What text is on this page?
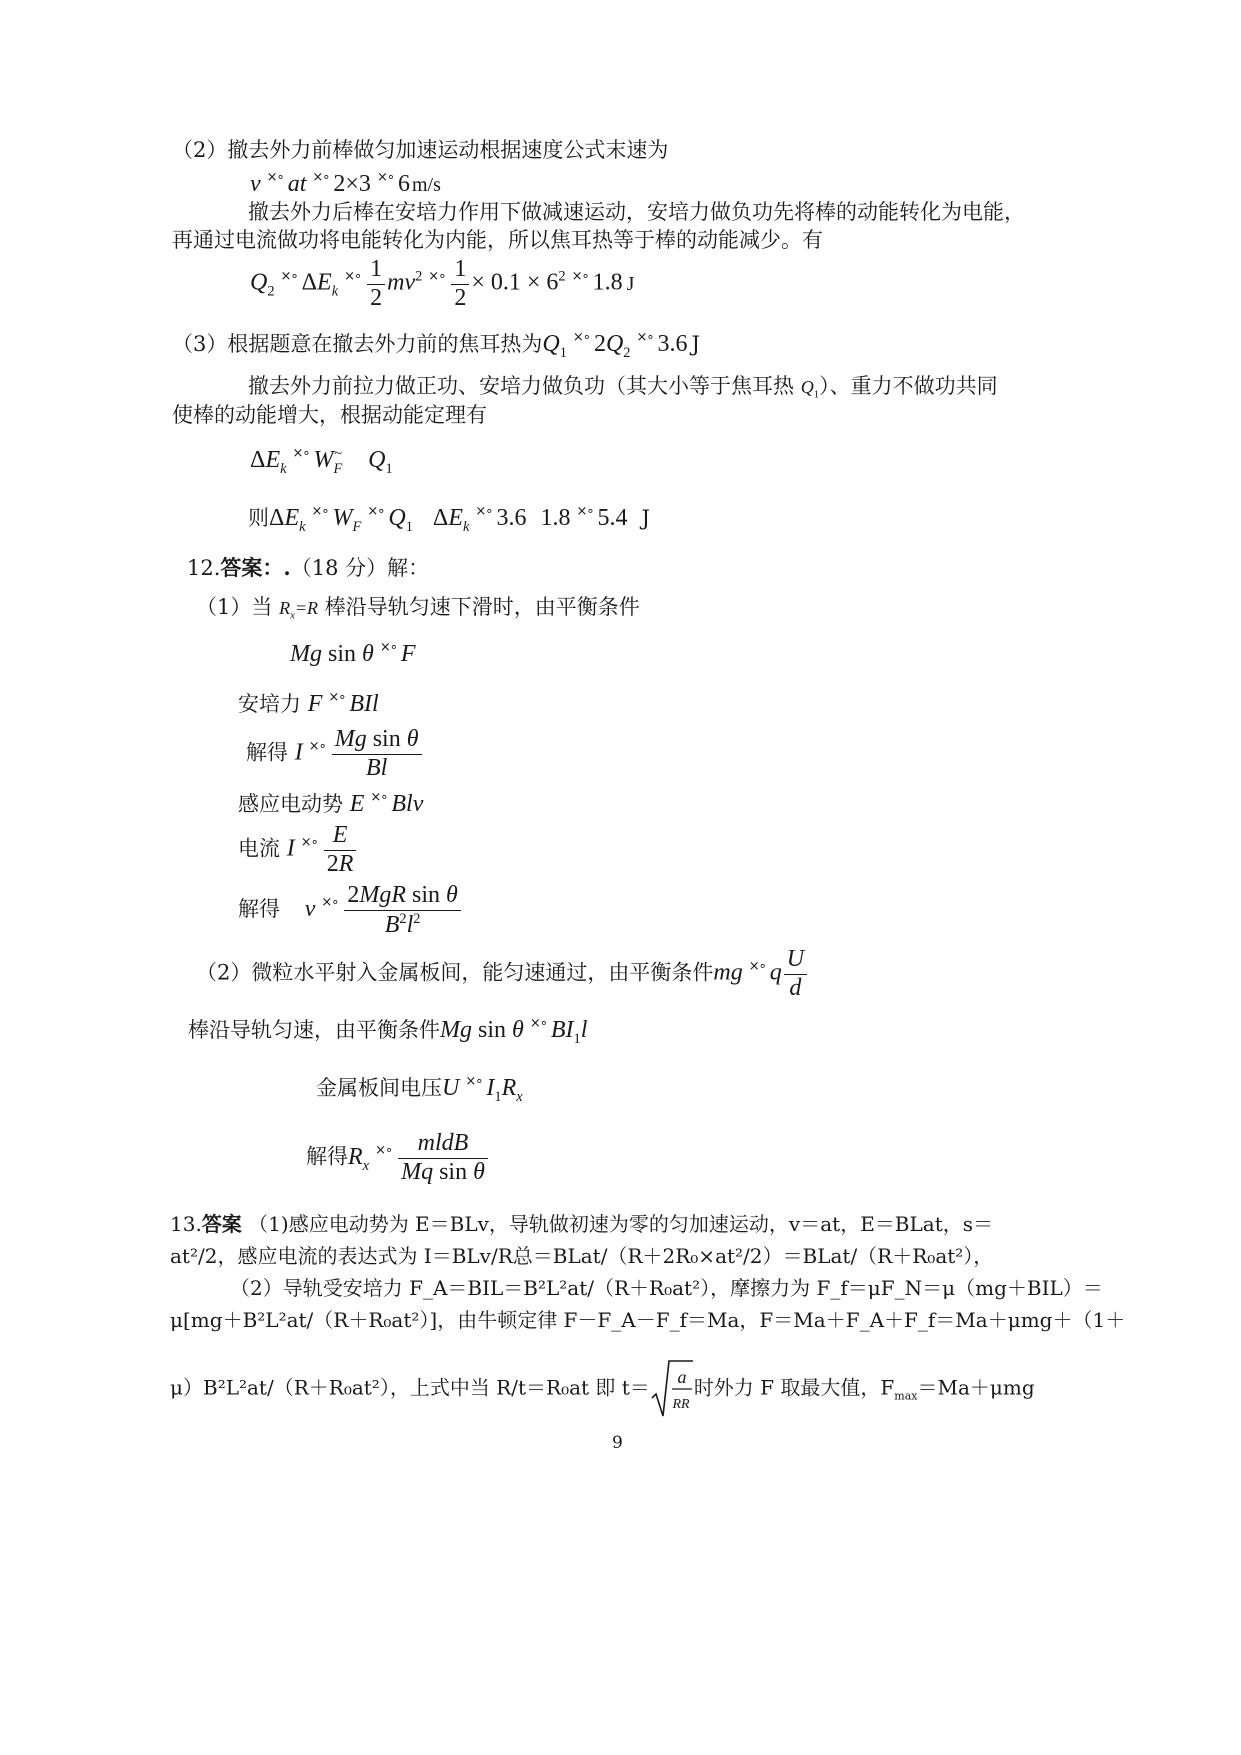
（2）撤去外力前棒做匀加速运动根据速度公式末速为
v ×∘ at ×∘ 2×3 ×∘ 6 m/s
撤去外力后棒在安培力作用下做减速运动，安培力做负功先将棒的动能转化为电能，
再通过电流做功将电能转化为内能，所以焦耳热等于棒的动能减少。有
$Q_2^{\times\circ}$ $\Delta E_k^{\times\circ} \frac{1}{2} mv^2$ $^{\times\circ} \frac{1}{2} \times 0.1 \times 6^2$ ×∘ 1.8 J
（3）根据题意在撤去外力前的焦耳热为$Q_1^{\times\circ}$ $2Q_2^{\times\circ}$ 3.6 J
撤去外力前拉力做正功、安培力做负功（其大小等于焦耳热 $Q_1$）、重力不做功共同
使棒的动能增大，根据动能定理有
$\Delta E_k^{\times\circ}$ $W_F^\sim$ $Q_1$
则$\Delta E_k^{\times\circ}$ $W_F^{\times\circ}$ $Q_1$ $\Delta E_k^{\times\circ}$ 3.6 1.8 ×∘ 5.4 J
12.答案：.（18 分）解：
（1）当 $R_x=R$ 棒沿导轨匀速下滑时，由平衡条件
Mg sin θ ×∘ F
安培力 F ×∘ BIl
解得 I $^{\times\circ} \frac{\text{Mg sin θ}}{Bl}$
感应电动势 E ×∘ Blv
电流 I $^{\times\circ} \frac{E}{2R}$
解得 v $^{\times\circ} \frac{\text{2MgR sin θ}}{B^2l^2}$
（2）微粒水平射入金属板间，能匀速通过，由平衡条件mg ×∘ q $\frac{U}{d}$
棒沿导轨匀速，由平衡条件Mg sin θ ×∘ $BI_1l$
金属板间电压U ×∘ $I_1R_x$
解得$R_x^{\times\circ} \frac{\text{mldB}}{\text{Mq sin θ}}$
13.答案 （1)感应电动势为 E＝BLv，导轨做初速为零的匀加速运动，v＝at，E＝BLat，s＝
at²/2，感应电流的表达式为 I＝BLv/R总＝BLat/（R＋2R₀×at²/2）＝BLat/（R＋R₀at²），
（2）导轨受安培力 F_A＝BIL＝B²L²at/（R＋R₀at²），摩擦力为 F_f＝μF_N＝μ（mg＋BIL）＝
μ[mg＋B²L²at/（R＋R₀at²）]，由牛顿定律 F－F_A－F_f＝Ma，F＝Ma＋F_A＋F_f＝Ma＋μmg＋（1＋
μ）B²L²at/（R＋R₀at²），上式中当 R/t＝R₀at 即 t＝ a
RR
时外力 F 取最大值，$F_{max}=Ma+\mu mg$
9
